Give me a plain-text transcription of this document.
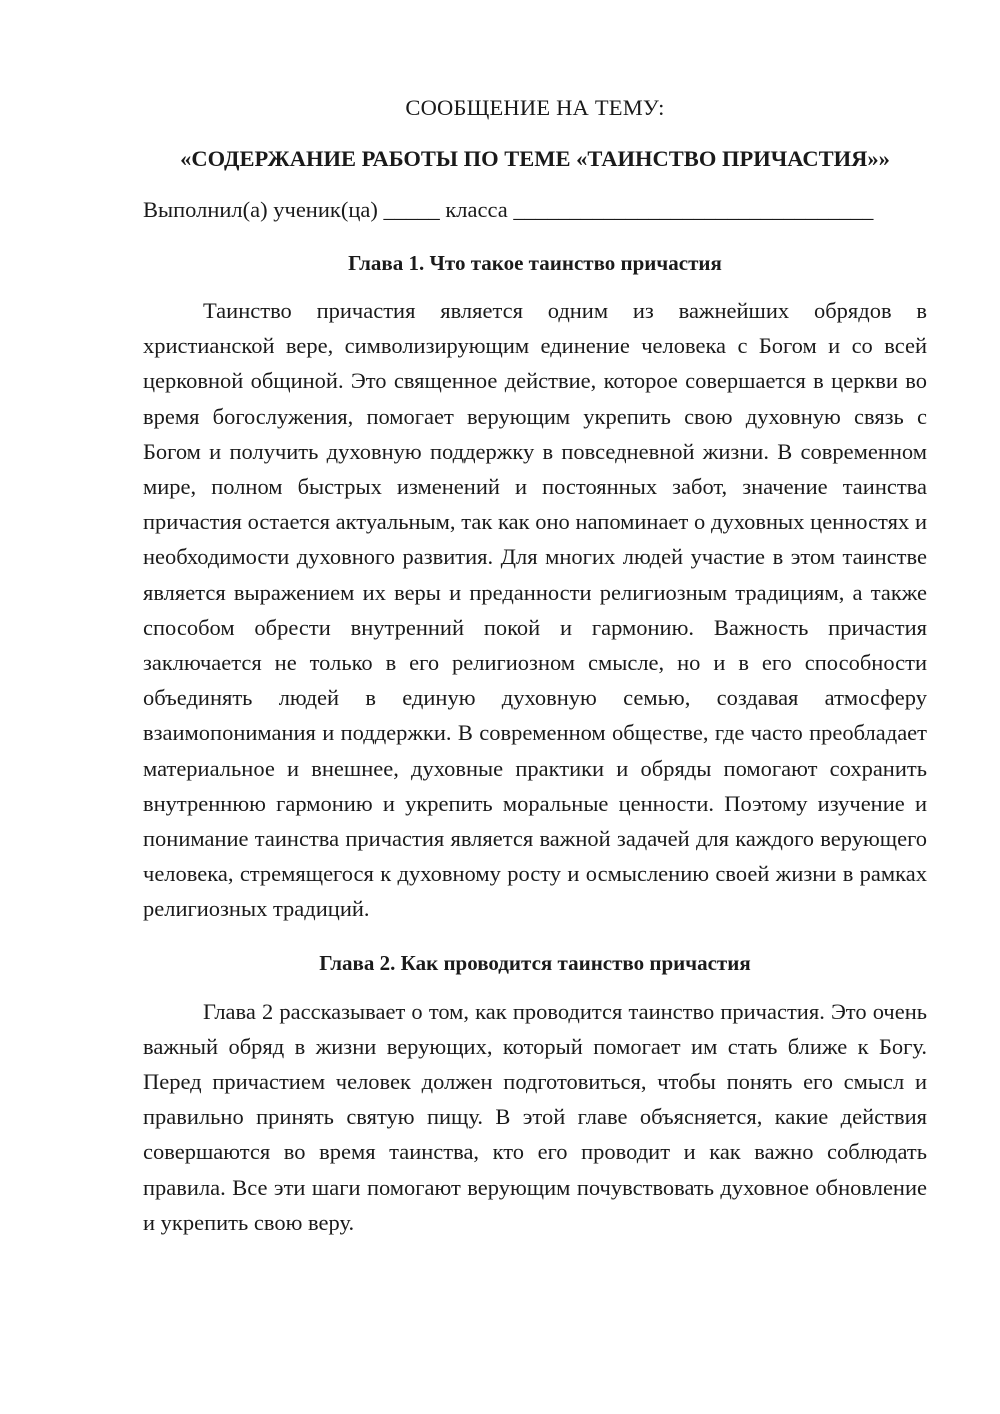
СООБЩЕНИЕ НА ТЕМУ:

«СОДЕРЖАНИЕ РАБОТЫ ПО ТЕМЕ «ТАИНСТВО ПРИЧАСТИЯ»»

Выполнил(а) ученик(ца) _____ класса ________________________________
Глава 1. Что такое таинство причастия

Таинство причастия является одним из важнейших обрядов в христианской вере, символизирующим единение человека с Богом и со всей церковной общиной. Это священное действие, которое совершается в церкви во время богослужения, помогает верующим укрепить свою духовную связь с Богом и получить духовную поддержку в повседневной жизни. В современном мире, полном быстрых изменений и постоянных забот, значение таинства причастия остается актуальным, так как оно напоминает о духовных ценностях и необходимости духовного развития. Для многих людей участие в этом таинстве является выражением их веры и преданности религиозным традициям, а также способом обрести внутренний покой и гармонию. Важность причастия заключается не только в его религиозном смысле, но и в его способности объединять людей в единую духовную семью, создавая атмосферу взаимопонимания и поддержки. В современном обществе, где часто преобладает материальное и внешнее, духовные практики и обряды помогают сохранить внутреннюю гармонию и укрепить моральные ценности. Поэтому изучение и понимание таинства причастия является важной задачей для каждого верующего человека, стремящегося к духовному росту и осмыслению своей жизни в рамках религиозных традиций.

Глава 2. Как проводится таинство причастия

Глава 2 рассказывает о том, как проводится таинство причастия. Это очень важный обряд в жизни верующих, который помогает им стать ближе к Богу. Перед причастием человек должен подготовиться, чтобы понять его смысл и правильно принять святую пищу. В этой главе объясняется, какие действия совершаются во время таинства, кто его проводит и как важно соблюдать правила. Все эти шаги помогают верующим почувствовать духовное обновление и укрепить свою веру.
